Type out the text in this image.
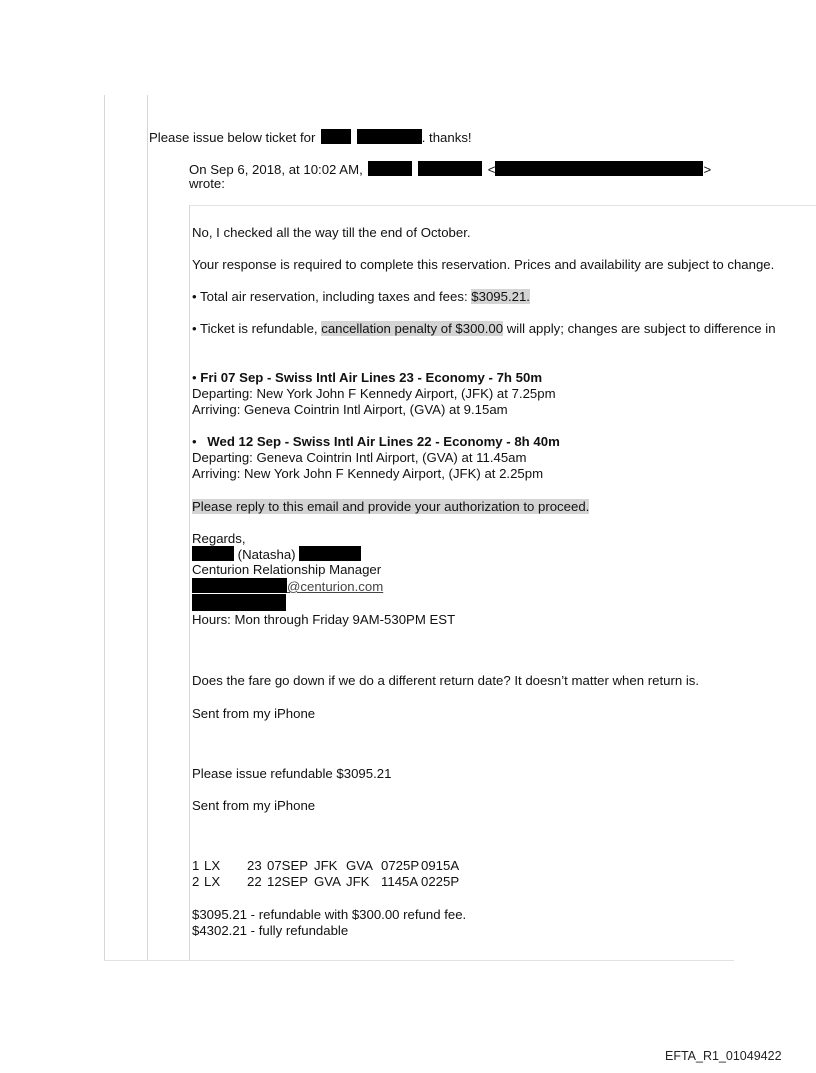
Please issue below ticket for	. thanks!
On Sep 6, 2018, at 10:02 AM,	<	>
wrote:
No, I checked all the way till the end of October.
Your response is required to complete this reservation. Prices and availability are subject to change.
• Total air reservation, including taxes and fees: $3095.21.
• Ticket is refundable, cancellation penalty of $300.00 will apply; changes are subject to difference in
• Fri 07 Sep - Swiss Intl Air Lines 23 - Economy - 7h 50m
Departing: New York John F Kennedy Airport, (JFK) at 7.25pm
Arriving: Geneva Cointrin Intl Airport, (GVA) at 9.15am
• Wed 12 Sep - Swiss Intl Air Lines 22 - Economy - 8h 40m
Departing: Geneva Cointrin Intl Airport, (GVA) at 11.45am
Arriving: New York John F Kennedy Airport, (JFK) at 2.25pm
Please reply to this email and provide your authorization to proceed.
Regards,
(Natasha)
Centurion Relationship Manager
@centurion.com
Hours: Mon through Friday 9AM-530PM EST
Does the fare go down if we do a different return date? It doesn’t matter when return is.
Sent from my iPhone
Please issue refundable $3095.21
Sent from my iPhone
1 LX 23 07SEP JFK GVA 0725P 0915A
2 LX 22 12SEP GVA JFK 1145A 0225P
$3095.21 - refundable with $300.00 refund fee.
$4302.21 - fully refundable
EFTA_R1_01049422
